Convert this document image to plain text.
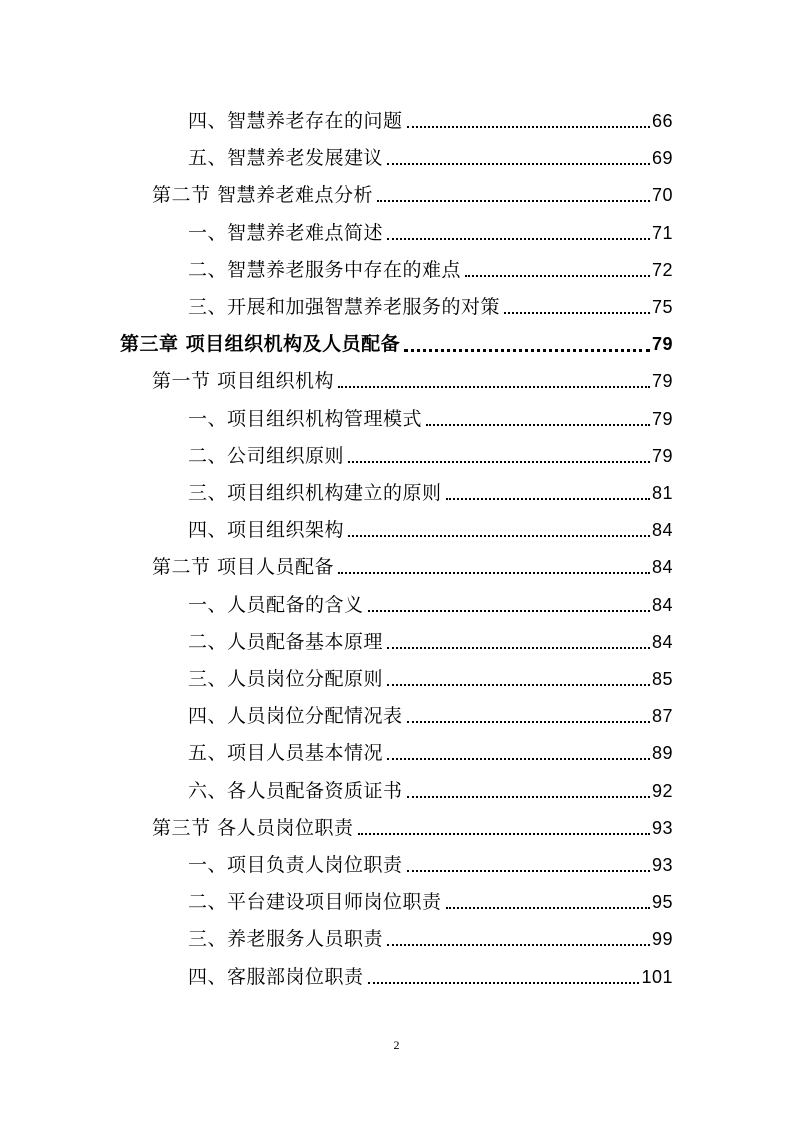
四、智慧养老存在的问题	66
五、智慧养老发展建议	69
第二节 智慧养老难点分析	70
一、智慧养老难点简述	71
二、智慧养老服务中存在的难点	72
三、开展和加强智慧养老服务的对策	75
第三章 项目组织机构及人员配备	79
第一节 项目组织机构	79
一、项目组织机构管理模式	79
二、公司组织原则	79
三、项目组织机构建立的原则	81
四、项目组织架构	84
第二节 项目人员配备	84
一、人员配备的含义	84
二、人员配备基本原理	84
三、人员岗位分配原则	85
四、人员岗位分配情况表	87
五、项目人员基本情况	89
六、各人员配备资质证书	92
第三节 各人员岗位职责	93
一、项目负责人岗位职责	93
二、平台建设项目师岗位职责	95
三、养老服务人员职责	99
四、客服部岗位职责	101
2
